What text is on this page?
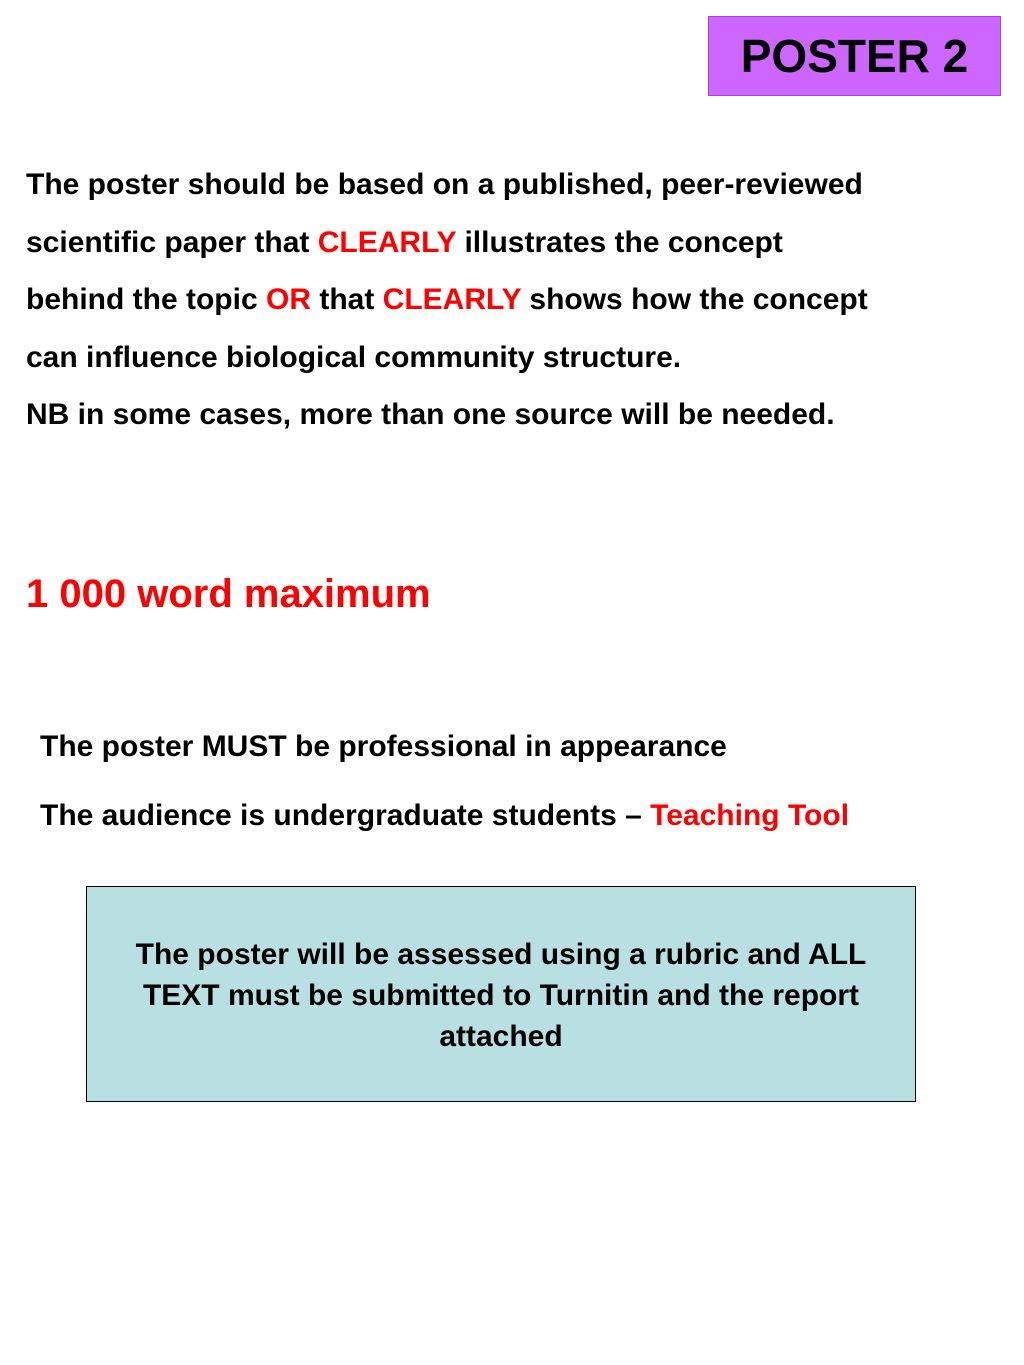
POSTER 2

The poster should be based on a published, peer-reviewed
scientific paper that CLEARLY illustrates the concept
behind the topic OR that CLEARLY shows how the concept
can influence biological community structure.
NB in some cases, more than one source will be needed.

1 000 word maximum

The poster MUST be professional in appearance

The audience is undergraduate students – Teaching Tool

The poster will be assessed using a rubric and ALL TEXT must be submitted to Turnitin and the report attached
